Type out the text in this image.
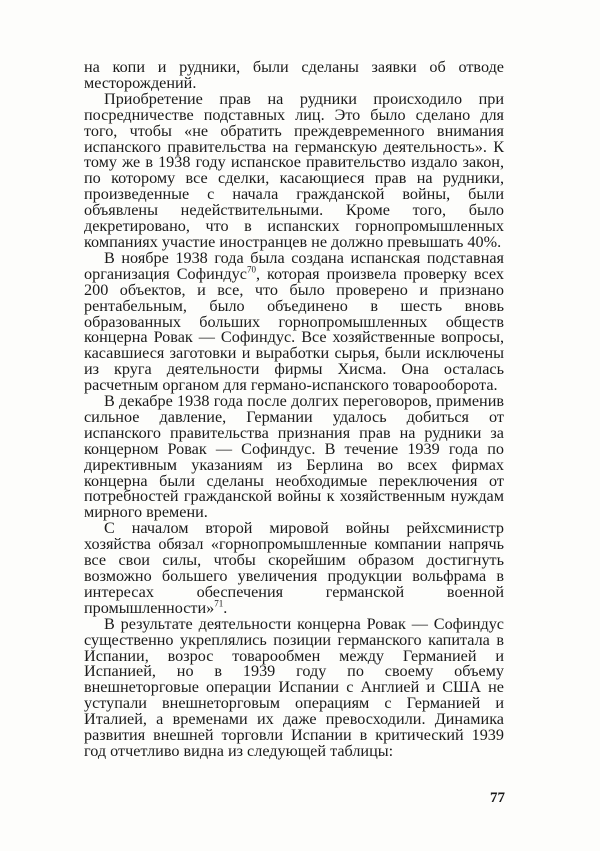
на копи и рудники, были сделаны заявки об отводе месторождений.

Приобретение прав на рудники происходило при посредничестве подставных лиц. Это было сделано для того, чтобы «не обратить преждевременного внимания испанского правительства на германскую деятельность». К тому же в 1938 году испанское правительство издало закон, по которому все сделки, касающиеся прав на рудники, произведенные с начала гражданской войны, были объявлены недействительными. Кроме того, было декретировано, что в испанских горнопромышленных компаниях участие иностранцев не должно превышать 40%.

В ноябре 1938 года была создана испанская подставная организация Софиндус$^{70}$, которая произвела проверку всех 200 объектов, и все, что было проверено и признано рентабельным, было объединено в шесть вновь образованных больших горнопромышленных обществ концерна Ровак — Софиндус. Все хозяйственные вопросы, касавшиеся заготовки и выработки сырья, были исключены из круга деятельности фирмы Хисма. Она осталась расчетным органом для германо-испанского товарооборота.

В декабре 1938 года после долгих переговоров, применив сильное давление, Германии удалось добиться от испанского правительства признания прав на рудники за концерном Ровак — Софиндус. В течение 1939 года по директивным указаниям из Берлина во всех фирмах концерна были сделаны необходимые переключения от потребностей гражданской войны к хозяйственным нуждам мирного времени.

С началом второй мировой войны рейхсминистр хозяйства обязал «горнопромышленные компании напрячь все свои силы, чтобы скорейшим образом достигнуть возможно большего увеличения продукции вольфрама в интересах обеспечения германской военной промышленности»$^{71}$.

В результате деятельности концерна Ровак — Софиндус существенно укреплялись позиции германского капитала в Испании, возрос товарообмен между Германией и Испанией, но в 1939 году по своему объему внешнеторговые операции Испании с Англией и США не уступали внешнеторговым операциям с Германией и Италией, а временами их даже превосходили. Динамика развития внешней торговли Испании в критический 1939 год отчетливо видна из следующей таблицы:

77
